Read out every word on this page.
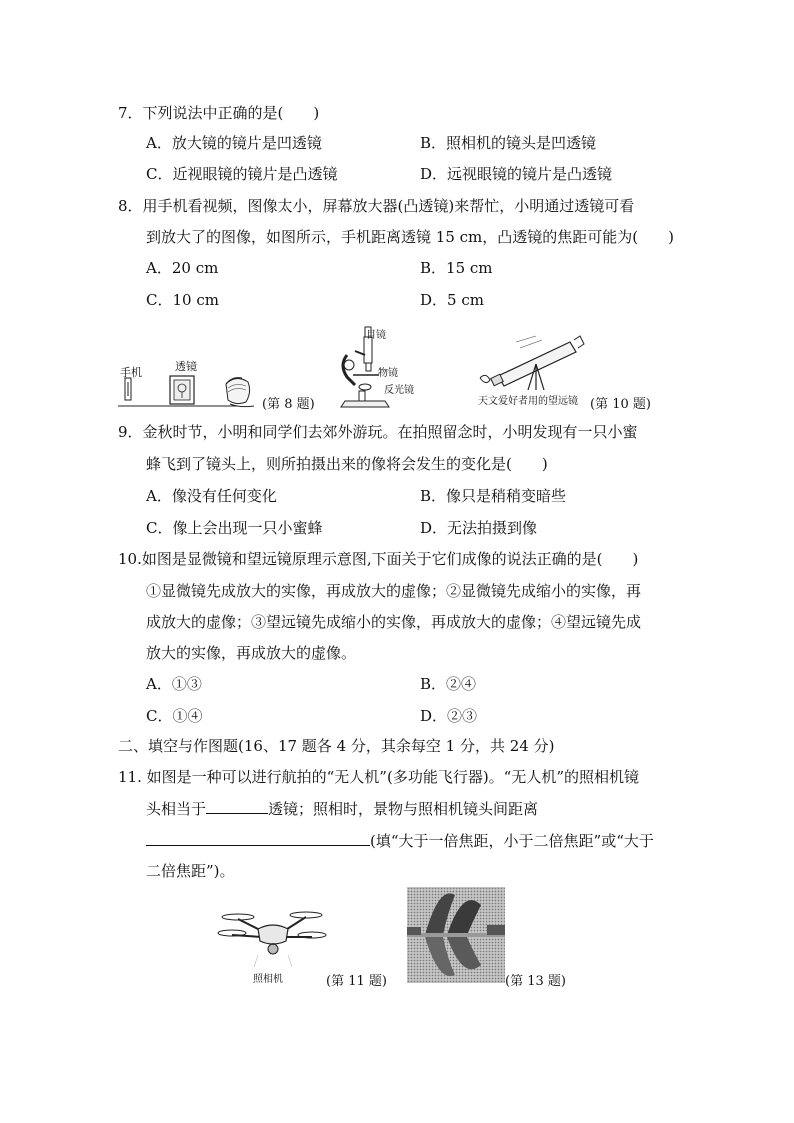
7．下列说法中正确的是(　　)
A．放大镜的镜片是凹透镜	B．照相机的镜头是凹透镜
C．近视眼镜的镜片是凸透镜	D．远视眼镜的镜片是凸透镜
8．用手机看视频，图像太小，屏幕放大器(凸透镜)来帮忙，小明通过透镜可看
到放大了的图像，如图所示，手机距离透镜 15 cm，凸透镜的焦距可能为(　　)
A．20 cm	B．15 cm
C．10 cm	D．5 cm
手机	透镜
(第 8 题)
目镜
物镜
反光镜
天文爱好者用的望远镜 (第 10 题)
9．金秋时节，小明和同学们去郊外游玩。在拍照留念时，小明发现有一只小蜜
蜂飞到了镜头上，则所拍摄出来的像将会发生的变化是(　　)
A．像没有任何变化	B．像只是稍稍变暗些
C．像上会出现一只小蜜蜂	D．无法拍摄到像
10.如图是显微镜和望远镜原理示意图,下面关于它们成像的说法正确的是(　　)
①显微镜先成放大的实像，再成放大的虚像；②显微镜先成缩小的实像，再
成放大的虚像；③望远镜先成缩小的实像，再成放大的虚像；④望远镜先成
放大的实像，再成放大的虚像。
A．①③	B．②④
C．①④	D．②③
二、填空与作图题(16、17 题各 4 分，其余每空 1 分，共 24 分)
11. 如图是一种可以进行航拍的“无人机”(多功能飞行器)。“无人机”的照相机镜
头相当于	透镜；照相时，景物与照相机镜头间距离
(填“大于一倍焦距，小于二倍焦距”或“大于
二倍焦距”)。
照相机	(第 11 题)	(第 13 题)
